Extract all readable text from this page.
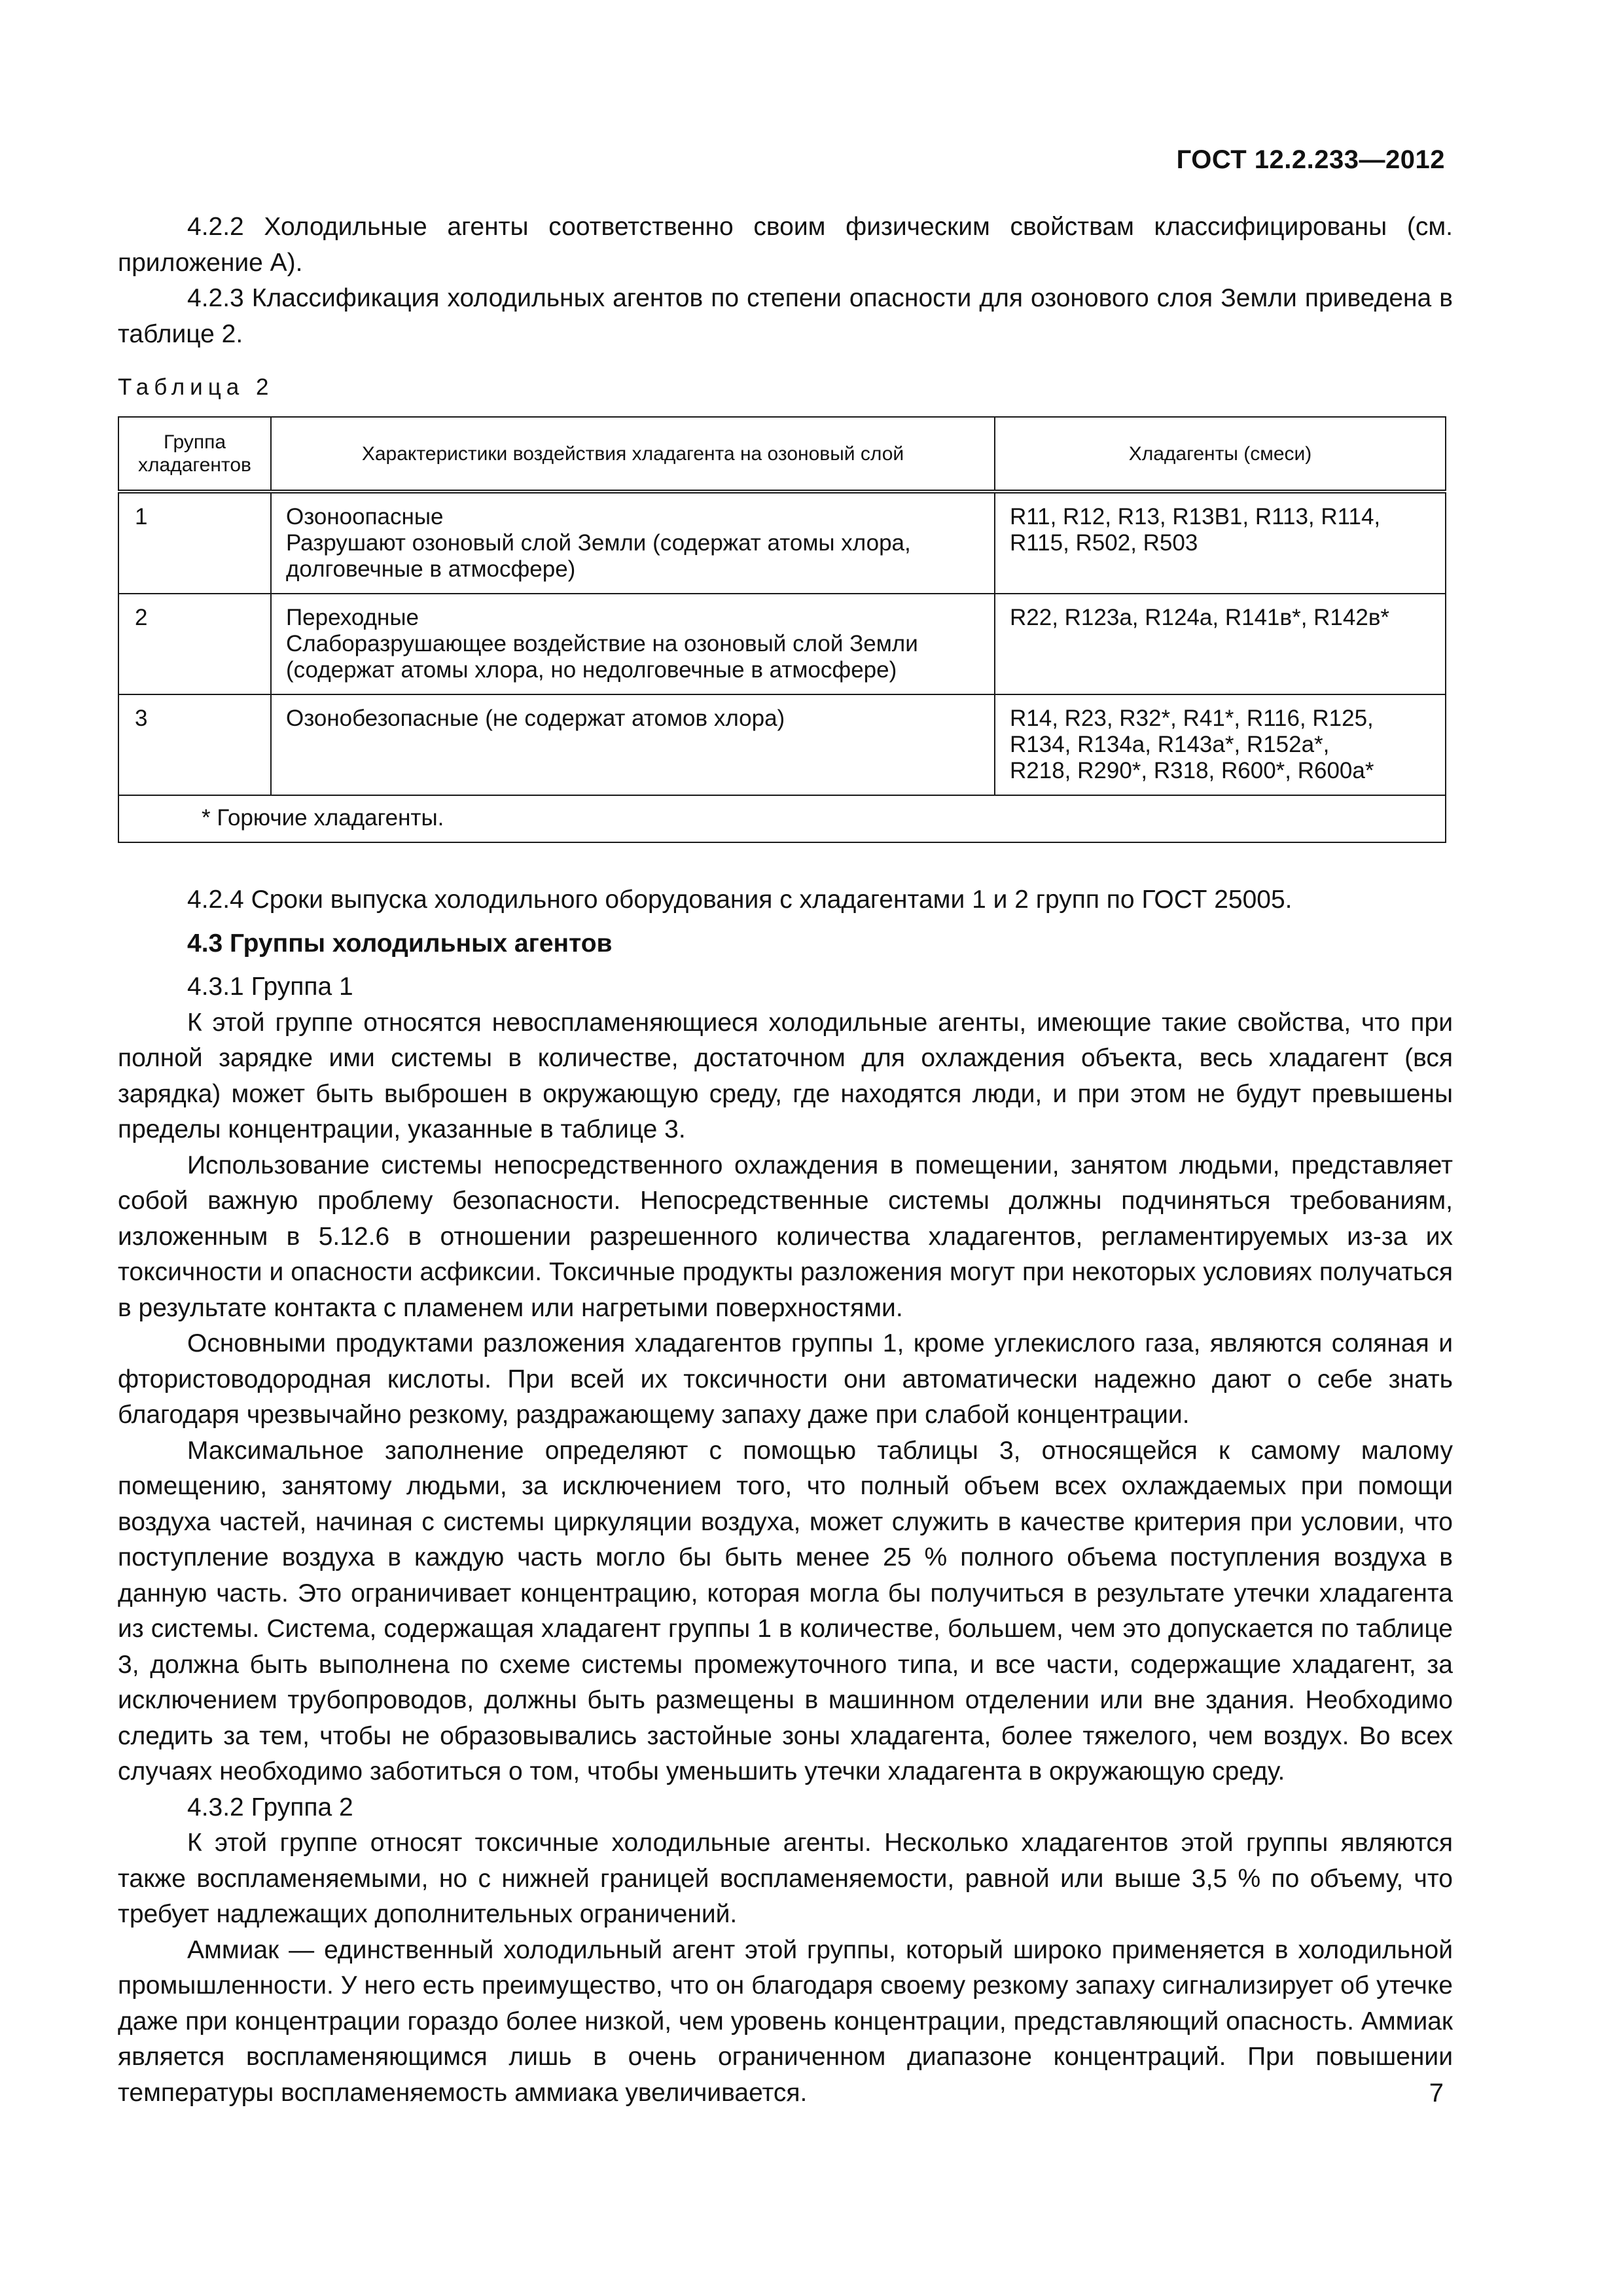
ГОСТ 12.2.233—2012

4.2.2 Холодильные агенты соответственно своим физическим свойствам классифицированы (см. приложение А).

4.2.3 Классификация холодильных агентов по степени опасности для озонового слоя Земли приведена в таблице 2.

Таблица 2
Группа
хладагентов	Характеристики воздействия хладагента на озоновый слой	Хладагенты (смеси)
1	Озоноопасные
Разрушают озоновый слой Земли (содержат атомы хлора,
долговечные в атмосфере)	R11, R12, R13, R13B1, R113, R114,
R115, R502, R503

2	Переходные
Слаборазрушающее воздействие на озоновый слой Земли
(содержат атомы хлора, но недолговечные в атмосфере)	R22, R123a, R124a, R141в*, R142в*

3	Озонобезопасные (не содержат атомов хлора)	R14, R23, R32*, R41*, R116, R125,
R134, R134a, R143a*, R152a*,
R218, R290*, R318, R600*, R600a*

* Горючие хладагенты.		

4.2.4 Сроки выпуска холодильного оборудования с хладагентами 1 и 2 групп по ГОСТ 25005.

4.3 Группы холодильных агентов

4.3.1 Группа 1

К этой группе относятся невоспламеняющиеся холодильные агенты, имеющие такие свойства, что при полной зарядке ими системы в количестве, достаточном для охлаждения объекта, весь хладагент (вся зарядка) может быть выброшен в окружающую среду, где находятся люди, и при этом не будут превышены пределы концентрации, указанные в таблице 3.

Использование системы непосредственного охлаждения в помещении, занятом людьми, представляет собой важную проблему безопасности. Непосредственные системы должны подчиняться требованиям, изложенным в 5.12.6 в отношении разрешенного количества хладагентов, регламентируемых из-за их токсичности и опасности асфиксии. Токсичные продукты разложения могут при некоторых условиях получаться в результате контакта с пламенем или нагретыми поверхностями.

Основными продуктами разложения хладагентов группы 1, кроме углекислого газа, являются соляная и фтористоводородная кислоты. При всей их токсичности они автоматически надежно дают о себе знать благодаря чрезвычайно резкому, раздражающему запаху даже при слабой концентрации.

Максимальное заполнение определяют с помощью таблицы 3, относящейся к самому малому помещению, занятому людьми, за исключением того, что полный объем всех охлаждаемых при помощи воздуха частей, начиная с системы циркуляции воздуха, может служить в качестве критерия при условии, что поступление воздуха в каждую часть могло бы быть менее 25 % полного объема поступления воздуха в данную часть. Это ограничивает концентрацию, которая могла бы получиться в результате утечки хладагента из системы. Система, содержащая хладагент группы 1 в количестве, большем, чем это допускается по таблице 3, должна быть выполнена по схеме системы промежуточного типа, и все части, содержащие хладагент, за исключением трубопроводов, должны быть размещены в машинном отделении или вне здания. Необходимо следить за тем, чтобы не образовывались застойные зоны хладагента, более тяжелого, чем воздух. Во всех случаях необходимо заботиться о том, чтобы уменьшить утечки хладагента в окружающую среду.

4.3.2 Группа 2

К этой группе относят токсичные холодильные агенты. Несколько хладагентов этой группы являются также воспламеняемыми, но с нижней границей воспламеняемости, равной или выше 3,5 % по объему, что требует надлежащих дополнительных ограничений.

Аммиак — единственный холодильный агент этой группы, который широко применяется в холодильной промышленности. У него есть преимущество, что он благодаря своему резкому запаху сигнализирует об утечке даже при концентрации гораздо более низкой, чем уровень концентрации, представляющий опасность. Аммиак является воспламеняющимся лишь в очень ограниченном диапазоне концентраций. При повышении температуры воспламеняемость аммиака увеличивается.	7
